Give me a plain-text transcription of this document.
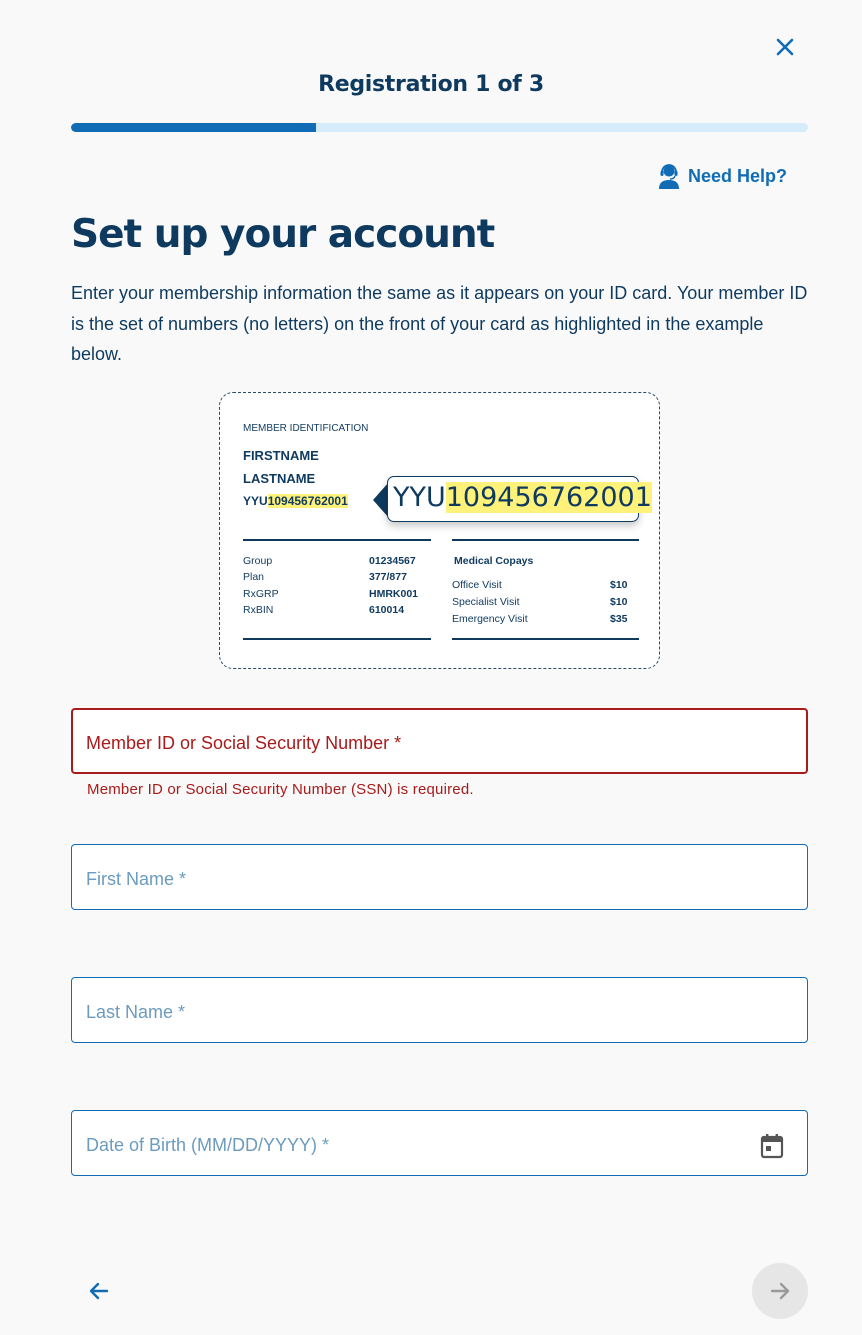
Registration 1 of 3
Need Help?
Set up your account

Enter your membership information the same as it appears on your ID card. Your member ID is the set of numbers (no letters) on the front of your card as highlighted in the example below.

MEMBER IDENTIFICATION
FIRSTNAME
LASTNAME
YYU109456762001 YYU109456762001
Group	01234567
Plan	377/877
RxGRP	HMRK001
RxBIN	610014
Medical Copays
Office Visit	$10
Specialist Visit	$10
Emergency Visit	$35
Member ID or Social Security Number *
Member ID or Social Security Number (SSN) is required.
First Name *
Last Name *
Date of Birth (MM/DD/YYYY) *
